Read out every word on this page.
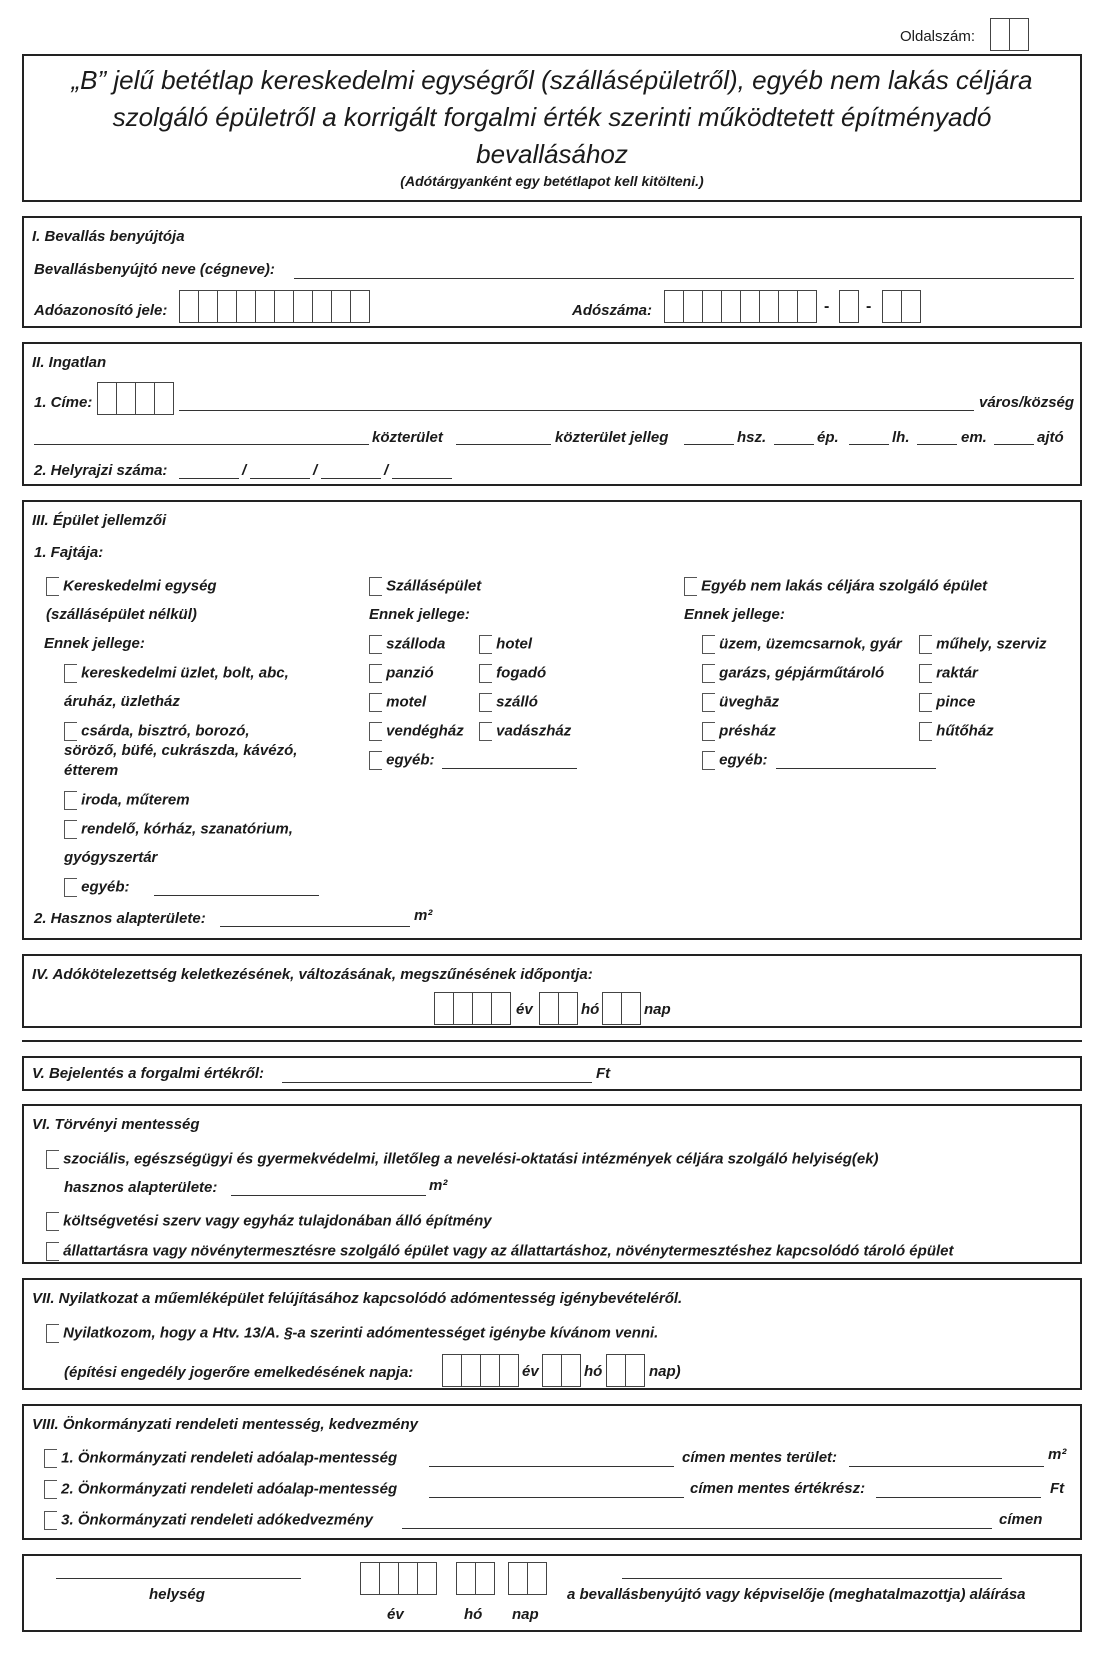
Oldalszám:
„B” jelű betétlap kereskedelmi egységről (szállásépületről), egyéb nem lakás céljára
szolgáló épületről a korrigált forgalmi érték szerinti működtetett építményadó
bevallásához
(Adótárgyanként egy betétlapot kell kitölteni.)
I. Bevallás benyújtója
Bevallásbenyújtó neve (cégneve):
Adóazonosító jele:	Adószáma:	- -
II. Ingatlan
1. Címe:	város/község
közterület	közterület jelleg	hsz.	ép.	lh.	em.	ajtó
2. Helyrajzi száma:	/	/	/
III. Épület jellemzői
1. Fajtája:
Kereskedelmi egység
(szállásépület nélkül)
Ennek jellege:
kereskedelmi üzlet, bolt, abc,
áruház, üzletház
csárda, bisztró, borozó,
söröző, büfé, cukrászda, kávézó,
étterem
iroda, műterem
rendelő, kórház, szanatórium,
gyógyszertár
egyéb:
Szállásépület
Ennek jellege:
szálloda	hotel
panzió	fogadó
motel	szálló
vendégház	vadászház
egyéb:
Egyéb nem lakás céljára szolgáló épület
Ennek jellege:
üzem, üzemcsarnok, gyár	műhely, szerviz
garázs, gépjárműtároló	raktár
üveghāz	pince
présház	hűtőház
egyéb:
2. Hasznos alapterülete:	m²
IV. Adókötelezettség keletkezésének, változásának, megszűnésének időpontja:
év	hó	nap
V. Bejelentés a forgalmi értékről:	Ft
VI. Törvényi mentesség
szociális, egészségügyi és gyermekvédelmi, illetőleg a nevelési-oktatási intézmények céljára szolgáló helyiség(ek)
hasznos alapterülete:	m²
költségvetési szerv vagy egyház tulajdonában álló építmény
állattartásra vagy növénytermesztésre szolgáló épület vagy az állattartáshoz, növénytermesztéshez kapcsolódó tároló épület
VII. Nyilatkozat a műemléképület felújításához kapcsolódó adómentesség igénybevételéről.
Nyilatkozom, hogy a Htv. 13/A. §-a szerinti adómentességet igénybe kívánom venni.
(építési engedély jogerőre emelkedésének napja:	év	hó	nap)
VIII. Önkormányzati rendeleti mentesség, kedvezmény
1. Önkormányzati rendeleti adóalap-mentesség	címen mentes terület:	m²
2. Önkormányzati rendeleti adóalap-mentesség	címen mentes értékrész:	Ft
3. Önkormányzati rendeleti adókedvezmény	címen
helység
év	hó nap
a bevallásbenyújtó vagy képviselője (meghatalmazottja) aláírása
